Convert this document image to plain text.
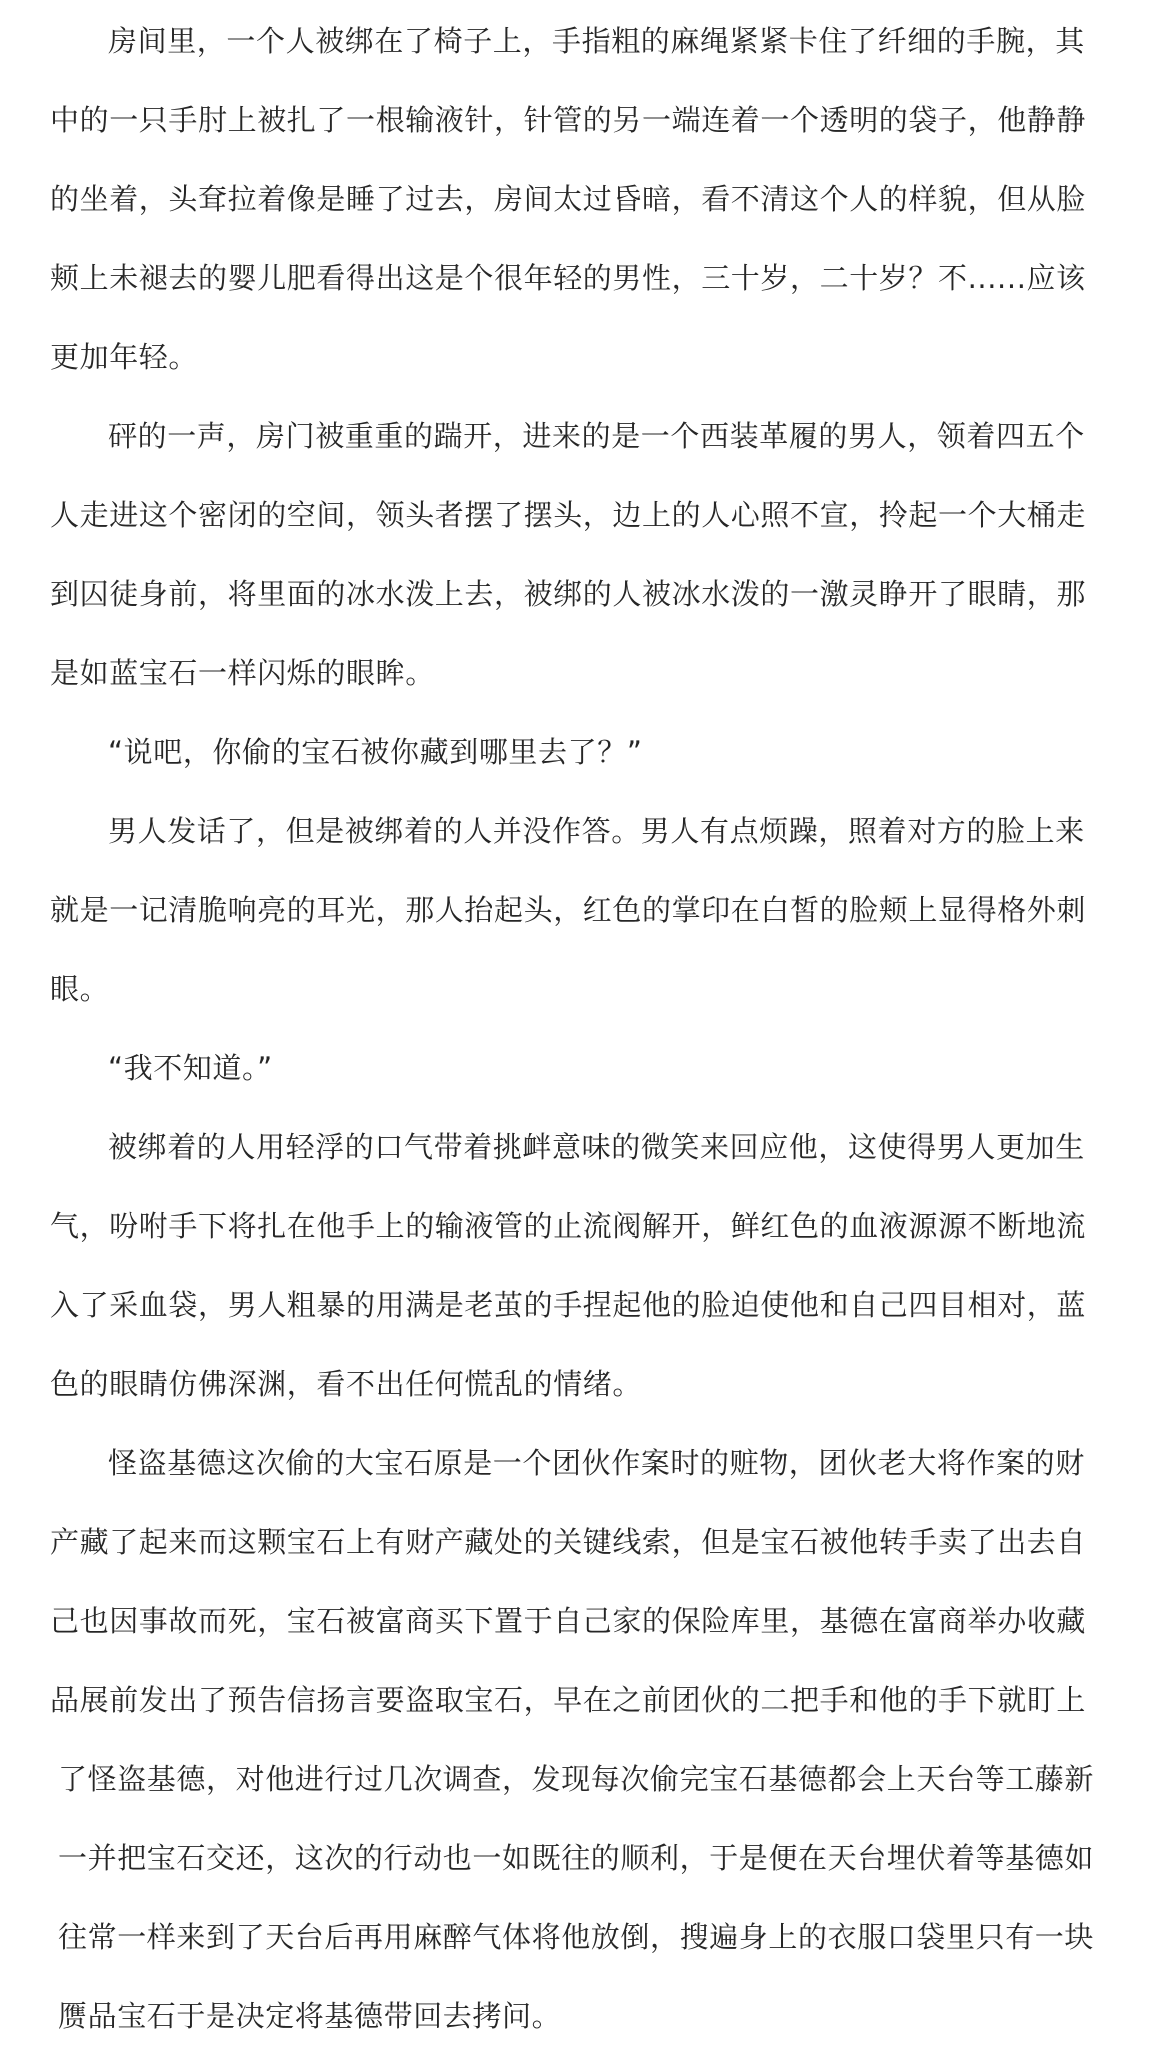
房间里，一个人被绑在了椅子上，手指粗的麻绳紧紧卡住了纤细的手腕，其
中的一只手肘上被扎了一根输液针，针管的另一端连着一个透明的袋子，他静静
的坐着，头耷拉着像是睡了过去，房间太过昏暗，看不清这个人的样貌，但从脸
颊上未褪去的婴儿肥看得出这是个很年轻的男性，三十岁，二十岁？不......应该
更加年轻。
砰的一声，房门被重重的踹开，进来的是一个西装革履的男人，领着四五个
人走进这个密闭的空间，领头者摆了摆头，边上的人心照不宣，拎起一个大桶走
到囚徒身前，将里面的冰水泼上去，被绑的人被冰水泼的一激灵睁开了眼睛，那
是如蓝宝石一样闪烁的眼眸。
“说吧，你偷的宝石被你藏到哪里去了？”
男人发话了，但是被绑着的人并没作答。男人有点烦躁，照着对方的脸上来
就是一记清脆响亮的耳光，那人抬起头，红色的掌印在白皙的脸颊上显得格外刺
眼。
“我不知道。”
被绑着的人用轻浮的口气带着挑衅意味的微笑来回应他，这使得男人更加生
气，吩咐手下将扎在他手上的输液管的止流阀解开，鲜红色的血液源源不断地流
入了采血袋，男人粗暴的用满是老茧的手捏起他的脸迫使他和自己四目相对，蓝
色的眼睛仿佛深渊，看不出任何慌乱的情绪。
怪盗基德这次偷的大宝石原是一个团伙作案时的赃物，团伙老大将作案的财
产藏了起来而这颗宝石上有财产藏处的关键线索，但是宝石被他转手卖了出去自
己也因事故而死，宝石被富商买下置于自己家的保险库里，基德在富商举办收藏
品展前发出了预告信扬言要盗取宝石，早在之前团伙的二把手和他的手下就盯上
了怪盗基德，对他进行过几次调查，发现每次偷完宝石基德都会上天台等工藤新
一并把宝石交还，这次的行动也一如既往的顺利，于是便在天台埋伏着等基德如
往常一样来到了天台后再用麻醉气体将他放倒，搜遍身上的衣服口袋里只有一块
赝品宝石于是决定将基德带回去拷问。
